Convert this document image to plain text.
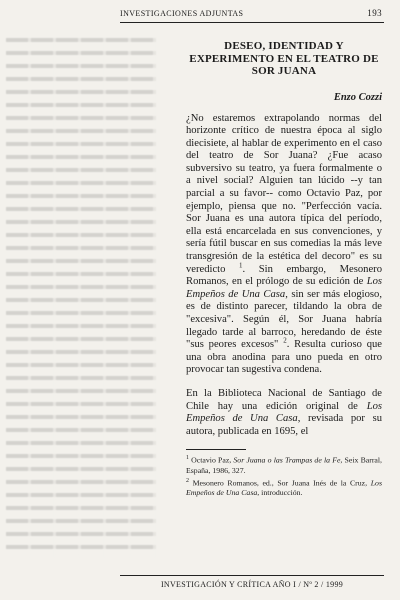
INVESTIGACIONES ADJUNTAS	193
DESEO, IDENTIDAD Y EXPERIMENTO EN EL TEATRO DE SOR JUANA
Enzo Cozzi

¿No estaremos extrapolando normas del horizonte crítico de nuestra época al siglo diecisiete, al hablar de experimento en el caso del teatro de Sor Juana? ¿Fue acaso subversivo su teatro, ya fuera formalmente o a nivel social? Alguien tan lúcido --y tan parcial a su favor-- como Octavio Paz, por ejemplo, piensa que no. "Perfección vacía. Sor Juana es una autora típica del período, ella está encarcelada en sus convenciones, y sería fútil buscar en sus comedias la más leve transgresión de la estética del decoro" es su veredicto $^1$. Sin embargo, Mesonero Romanos, en el prólogo de su edición de Los Empeños de Una Casa, sin ser más elogioso, es de distinto parecer, tildando la obra de "excesiva". Según él, Sor Juana habría llegado tarde al barroco, heredando de éste "sus peores excesos" $^2$. Resulta curioso que una obra anodina para uno pueda en otro provocar tan sugestiva condena.

En la Biblioteca Nacional de Santiago de Chile hay una edición original de Los Empeños de Una Casa, revisada por su autora, publicada en 1695, el

$^1$ Octavio Paz, Sor Juana o las Trampas de la Fe, Seix Barral, España, 1986, 327.

$^2$ Mesonero Romanos, ed., Sor Juana Inés de la Cruz, Los Empeños de Una Casa, introducción.

INVESTIGACIÓN Y CRÍTICA AÑO I / Nº 2 / 1999
